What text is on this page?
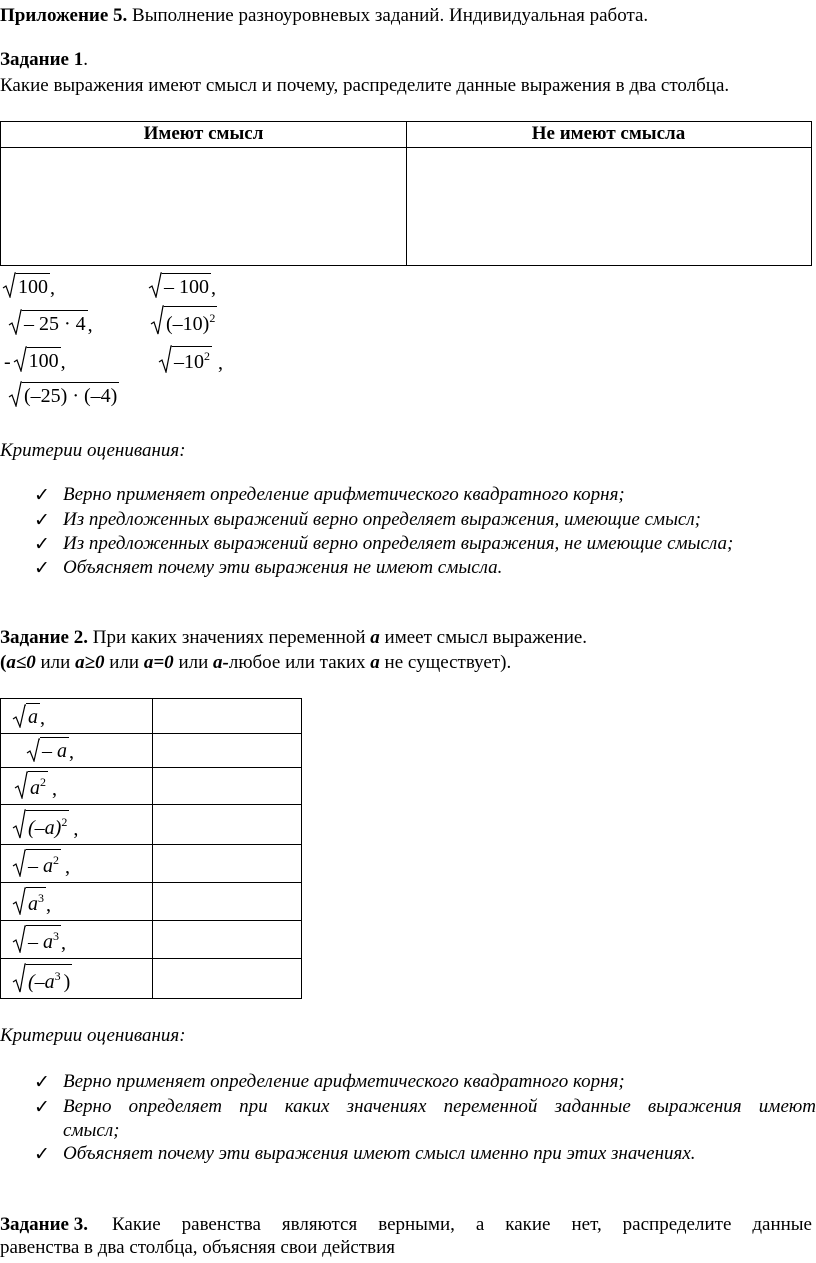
Приложение 5. Выполнение разноуровневых заданий. Индивидуальная работа.
Задание 1.
Какие выражения имеют смысл и почему, распределите данные выражения в два столбца.
Имеют смысл	Не имеют смысла
100 ,	– 100 ,
– 25 · 4 ,	$(-10)^2$
- 100 ,	$-10^2$ ,
(–25) · (–4)
Критерии оценивания:
✓ Верно применяет определение арифметического квадратного корня;
✓ Из предложенных выражений верно определяет выражения, имеющие смысл;
✓ Из предложенных выражений верно определяет выражения, не имеющие смысла;
✓ Объясняет почему эти выражения не имеют смысла.
Задание 2. При каких значениях переменной a имеет смысл выражение.
(a≤0 или a≥0 или a=0 или a-любое или таких a не существует).
a ,
– a ,
$a^2$ ,
$(-a)^2$ ,
– $a^2$ ,
$a^3$ ,
– $a^3$ ,
($-a^3$ )
Критерии оценивания:
✓ Верно применяет определение арифметического квадратного корня;
✓ Верно определяет при каких значениях переменной заданные выражения имеют
смысл;
✓ Объясняет почему эти выражения имеют смысл именно при этих значениях.
Задание 3. Какие равенства являются верными, а какие нет, распределите данные
равенства в два столбца, объясняя свои действия
